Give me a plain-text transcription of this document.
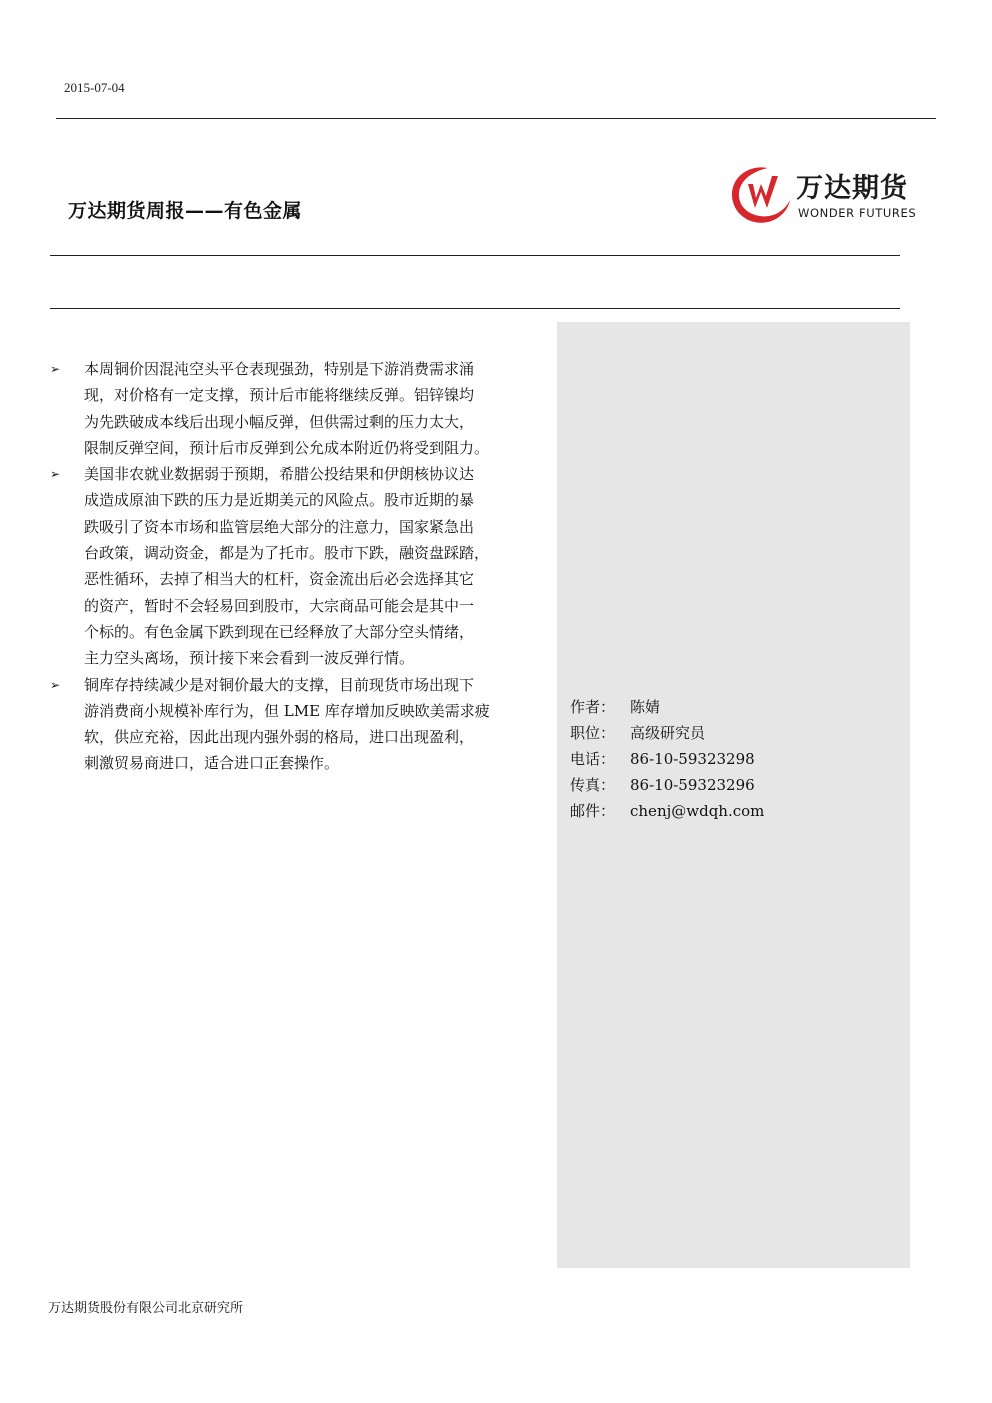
2015-07-04
万达期货周报——有色金属
万达期货
WONDER FUTURES
➢	本周铜价因混沌空头平仓表现强劲，特别是下游消费需求涌
现，对价格有一定支撑，预计后市能将继续反弹。铝锌镍均
为先跌破成本线后出现小幅反弹，但供需过剩的压力太大，
限制反弹空间，预计后市反弹到公允成本附近仍将受到阻力。
➢	美国非农就业数据弱于预期，希腊公投结果和伊朗核协议达
成造成原油下跌的压力是近期美元的风险点。股市近期的暴
跌吸引了资本市场和监管层绝大部分的注意力，国家紧急出
台政策，调动资金，都是为了托市。股市下跌，融资盘踩踏，
恶性循环，去掉了相当大的杠杆，资金流出后必会选择其它
的资产，暂时不会轻易回到股市，大宗商品可能会是其中一
个标的。有色金属下跌到现在已经释放了大部分空头情绪，
主力空头离场，预计接下来会看到一波反弹行情。
➢	铜库存持续减少是对铜价最大的支撑，目前现货市场出现下
游消费商小规模补库行为，但 LME 库存增加反映欧美需求疲
软，供应充裕，因此出现内强外弱的格局，进口出现盈利，
刺激贸易商进口，适合进口正套操作。
作者： 陈婧
职位： 高级研究员
电话： 86-10-59323298
传真： 86-10-59323296
邮件： chenj@wdqh.com
万达期货股份有限公司北京研究所
